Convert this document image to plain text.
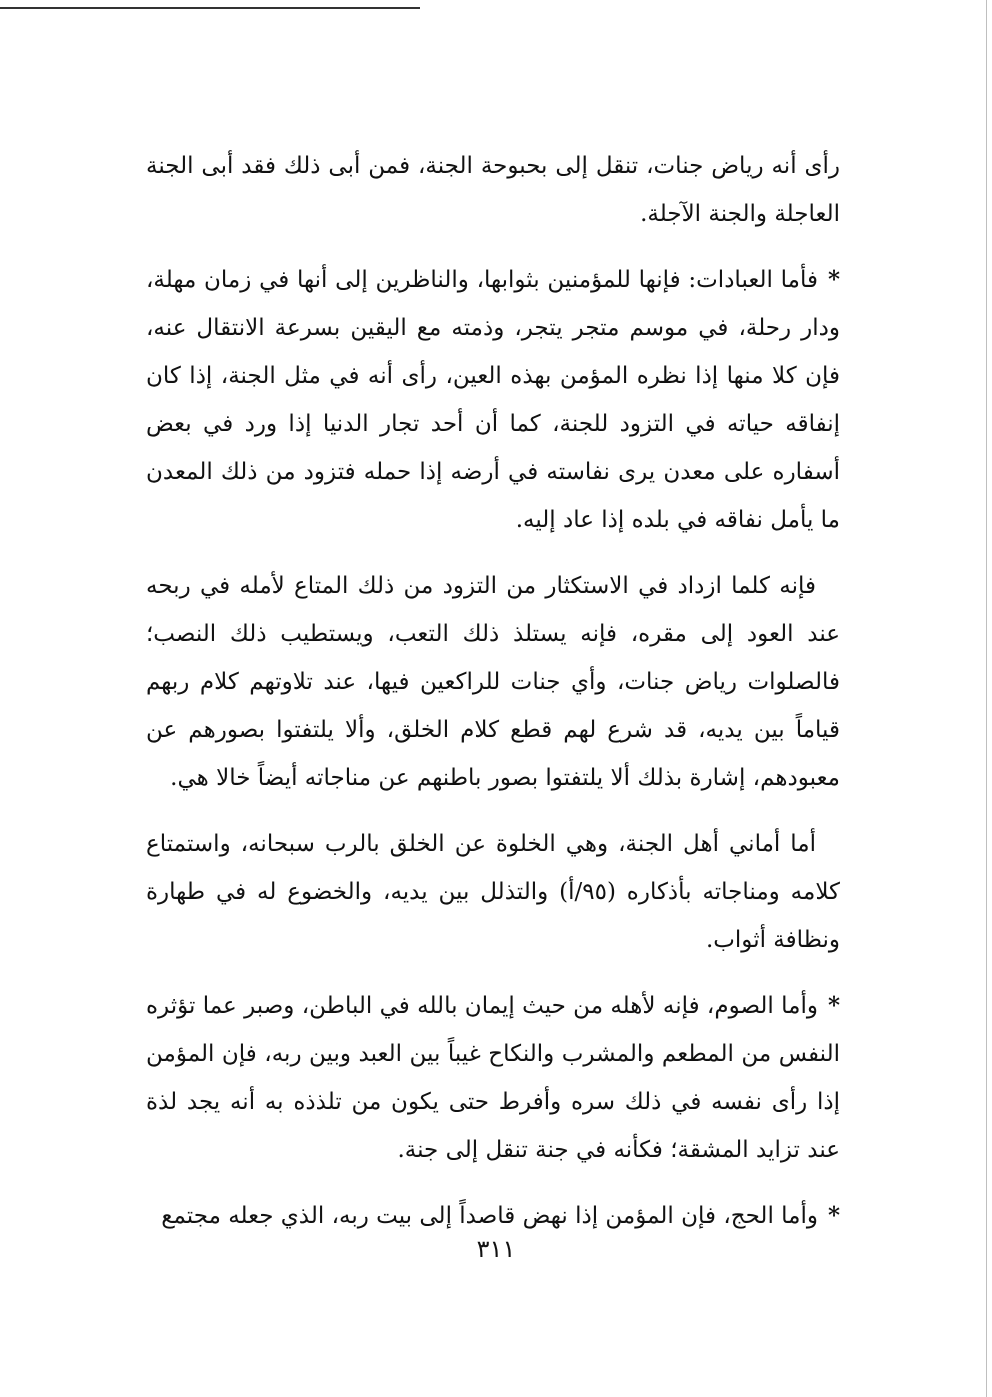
رأى أنه رياض جنات، تنقل إلى بحبوحة الجنة، فمن أبى ذلك فقد أبى الجنة العاجلة والجنة الآجلة.

*فأما العبادات: فإنها للمؤمنين بثوابها، والناظرين إلى أنها في زمان مهلة، ودار رحلة، في موسم متجر يتجر، وذمته مع اليقين بسرعة الانتقال عنه، فإن كلا منها إذا نظره المؤمن بهذه العين، رأى أنه في مثل الجنة، إذا كان إنفاقه حياته في التزود للجنة، كما أن أحد تجار الدنيا إذا ورد في بعض أسفاره على معدن يرى نفاسته في أرضه إذا حمله فتزود من ذلك المعدن ما يأمل نفاقه في بلده إذا عاد إليه.

فإنه كلما ازداد في الاستكثار من التزود من ذلك المتاع لأمله في ربحه عند العود إلى مقره، فإنه يستلذ ذلك التعب، ويستطيب ذلك النصب؛ فالصلوات رياض جنات، وأي جنات للراكعين فيها، عند تلاوتهم كلام ربهم قياماً بين يديه، قد شرع لهم قطع كلام الخلق، وألا يلتفتوا بصورهم عن معبودهم، إشارة بذلك ألا يلتفتوا بصور باطنهم عن مناجاته أيضاً خالا هي.

أما أماني أهل الجنة، وهي الخلوة عن الخلق بالرب سبحانه، واستمتاع كلامه ومناجاته بأذكاره (٩٥/أ) والتذلل بين يديه، والخضوع له في طهارة ونظافة أثواب.

*وأما الصوم، فإنه لأهله من حيث إيمان بالله في الباطن، وصبر عما تؤثره النفس من المطعم والمشرب والنكاح غيباً بين العبد وبين ربه، فإن المؤمن إذا رأى نفسه في ذلك سره وأفرط حتى يكون من تلذذه به أنه يجد لذة عند تزايد المشقة؛ فكأنه في جنة تنقل إلى جنة.

*وأما الحج، فإن المؤمن إذا نهض قاصداً إلى بيت ربه، الذي جعله مجتمع

٣١١
